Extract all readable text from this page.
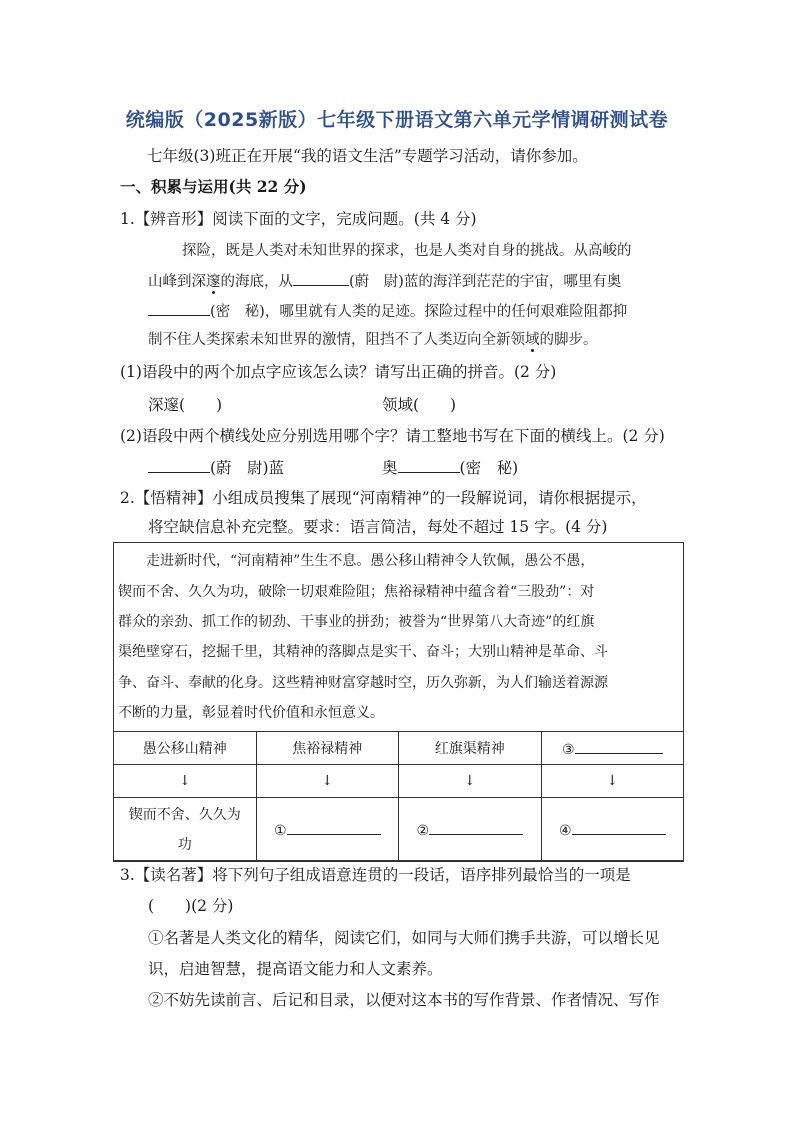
统编版（2025新版）七年级下册语文第六单元学情调研测试卷
七年级(3)班正在开展“我的语文生活”专题学习活动，请你参加。
一、积累与运用(共 22 分)
1.【辨音形】阅读下面的文字，完成问题。(共 4 分)
探险，既是人类对未知世界的探求，也是人类对自身的挑战。从高峻的
山峰到深邃的海底，从	(蔚　尉)蓝的海洋到茫茫的宇宙，哪里有奥
(密　秘)，哪里就有人类的足迹。探险过程中的任何艰难险阻都抑
制不住人类探索未知世界的激情，阻挡不了人类迈向全新领域的脚步。
(1)语段中的两个加点字应该怎么读？请写出正确的拼音。(2 分)
深邃(　　)	领域(　　)
(2)语段中两个横线处应分别选用哪个字？请工整地书写在下面的横线上。(2 分)
(蔚　尉)蓝	奥	(密　秘)
2.【悟精神】小组成员搜集了展现“河南精神”的一段解说词，请你根据提示，
将空缺信息补充完整。要求：语言简洁，每处不超过 15 字。(4 分)
走进新时代，“河南精神”生生不息。愚公移山精神令人钦佩，愚公不愚，
锲而不舍、久久为功，破除一切艰难险阻；焦裕禄精神中蕴含着“三股劲”：对
群众的亲劲、抓工作的韧劲、干事业的拼劲；被誉为“世界第八大奇迹”的红旗
渠绝壁穿石，挖掘千里，其精神的落脚点是实干、奋斗；大别山精神是革命、斗
争、奋斗、奉献的化身。这些精神财富穿越时空，历久弥新，为人们输送着源源
不断的力量，彰显着时代价值和永恒意义。
愚公移山精神	焦裕禄精神	红旗渠精神	③
↓	↓	↓	↓
锲而不舍、久久为
功	①	②	④
3.【读名著】将下列句子组成语意连贯的一段话，语序排列最恰当的一项是
(　　)(2 分)
①名著是人类文化的精华，阅读它们，如同与大师们携手共游，可以增长见
识，启迪智慧，提高语文能力和人文素养。
②不妨先读前言、后记和目录，以便对这本书的写作背景、作者情况、写作
